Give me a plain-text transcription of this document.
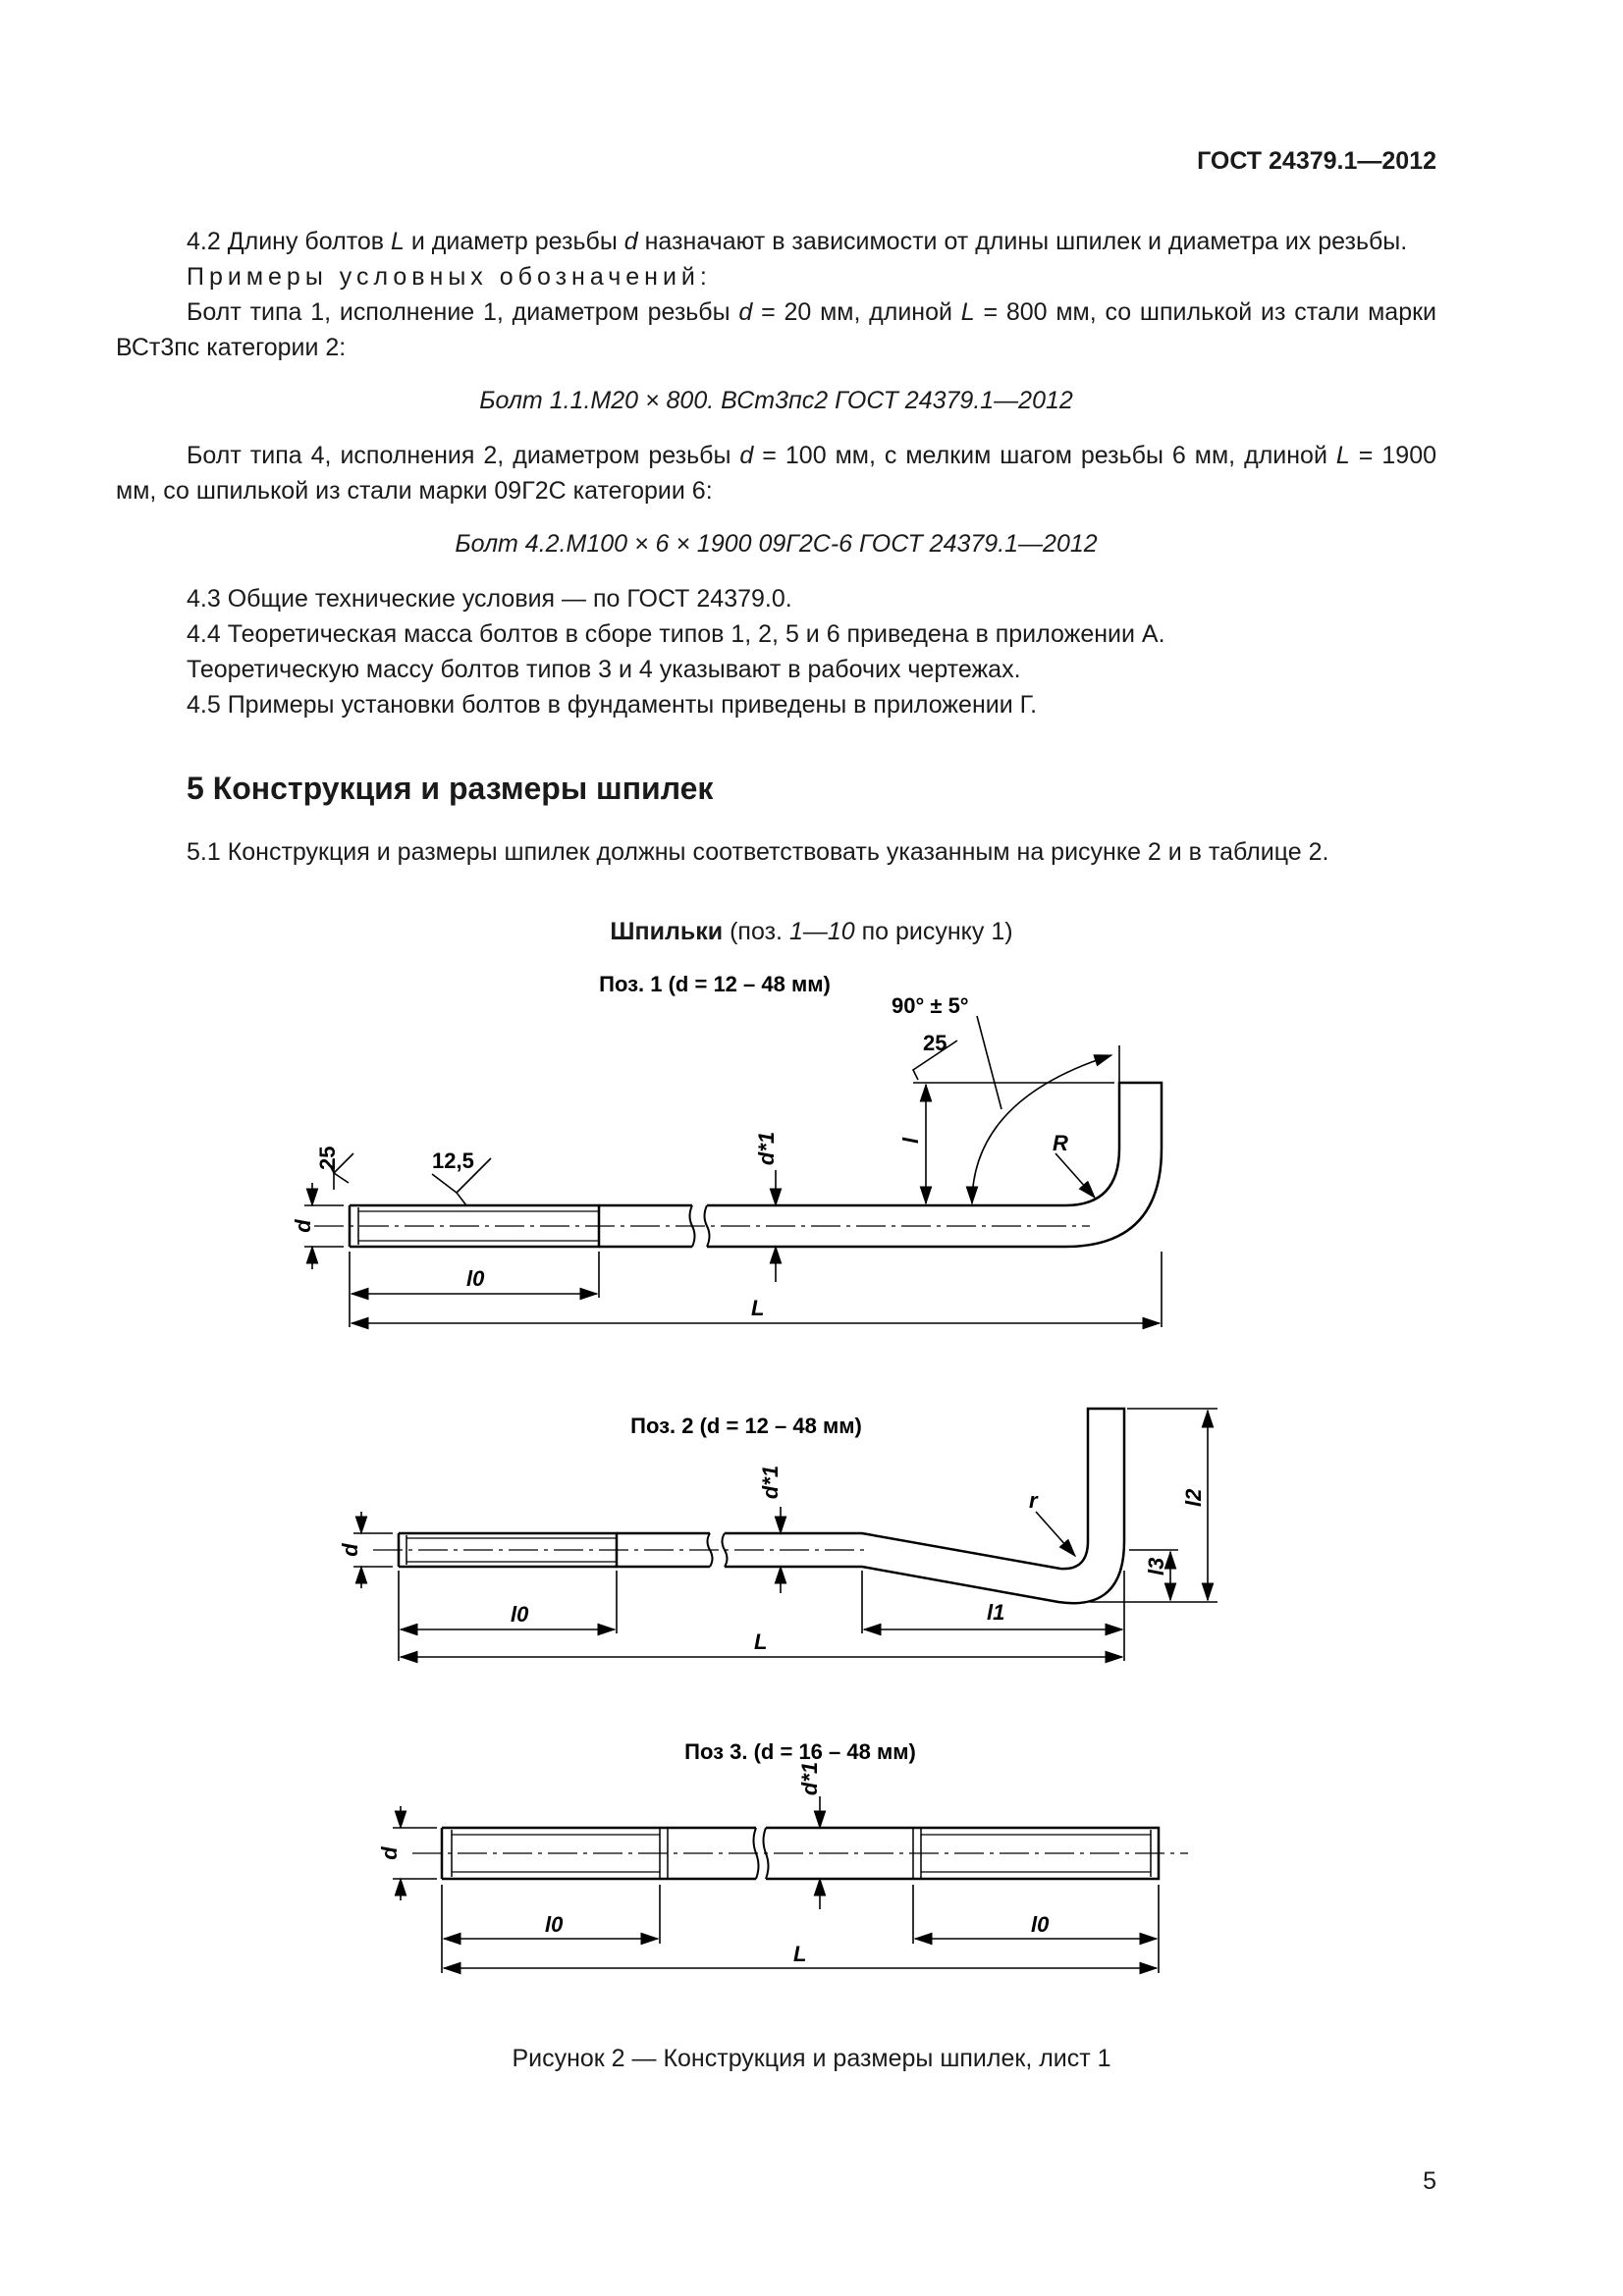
ГОСТ 24379.1—2012

4.2 Длину болтов L и диаметр резьбы d назначают в зависимости от длины шпилек и диаметра их резьбы.

Примеры условных обозначений:

Болт типа 1, исполнение 1, диаметром резьбы d = 20 мм, длиной L = 800 мм, со шпилькой из стали марки ВСт3пс категории 2:

Болт 1.1.М20 × 800. ВСт3пс2 ГОСТ 24379.1—2012

Болт типа 4, исполнения 2, диаметром резьбы d = 100 мм, с мелким шагом резьбы 6 мм, длиной L = 1900 мм, со шпилькой из стали марки 09Г2С категории 6:

Болт 4.2.М100 × 6 × 1900 09Г2С-6 ГОСТ 24379.1—2012

4.3 Общие технические условия — по ГОСТ 24379.0.

4.4 Теоретическая масса болтов в сборе типов 1, 2, 5 и 6 приведена в приложении А.

Теоретическую массу болтов типов 3 и 4 указывают в рабочих чертежах.

4.5 Примеры установки болтов в фундаменты приведены в приложении Г.

5 Конструкция и размеры шпилек

5.1 Конструкция и размеры шпилек должны соответствовать указанным на рисунке 2 и в таблице 2.

Шпильки (поз. 1—10 по рисунку 1)
Поз. 1 (d = 12 – 48 мм)
d
l0
L
l	R
d*1
90° ± 5°
25
25	12,5
Поз. 2 (d = 12 – 48 мм)
d
l0	l1
L
l2
l3
r
d*1
Поз 3. (d = 16 – 48 мм)
d
l0	l0
L
d*1
Рисунок 2 — Конструкция и размеры шпилек, лист 1
5
